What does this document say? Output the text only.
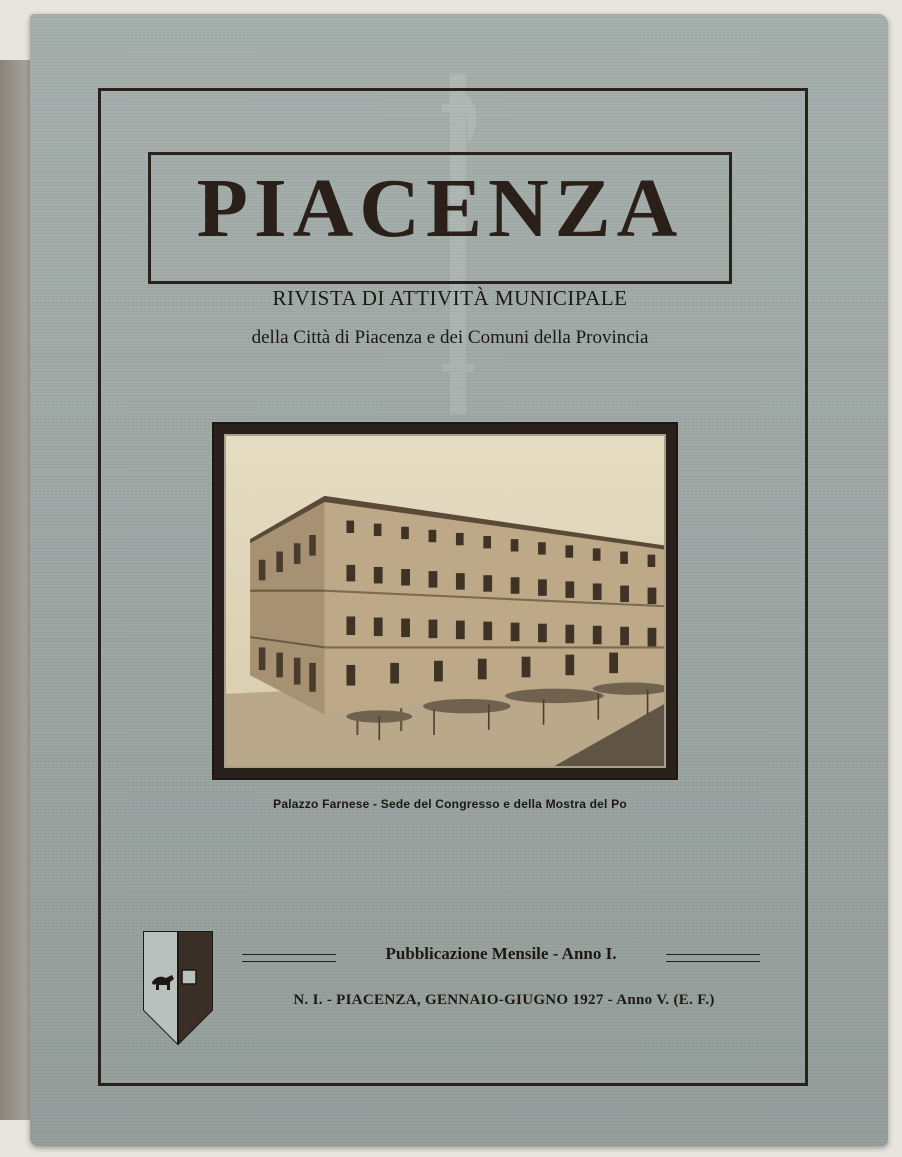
PIACENZA
RIVISTA DI ATTIVITÀ MUNICIPALE
della Città di Piacenza e dei Comuni della Provincia
Palazzo Farnese - Sede del Congresso e della Mostra del Po
Pubblicazione Mensile - Anno I.
N. I. - PIACENZA, GENNAIO-GIUGNO 1927 - Anno V. (E. F.)
